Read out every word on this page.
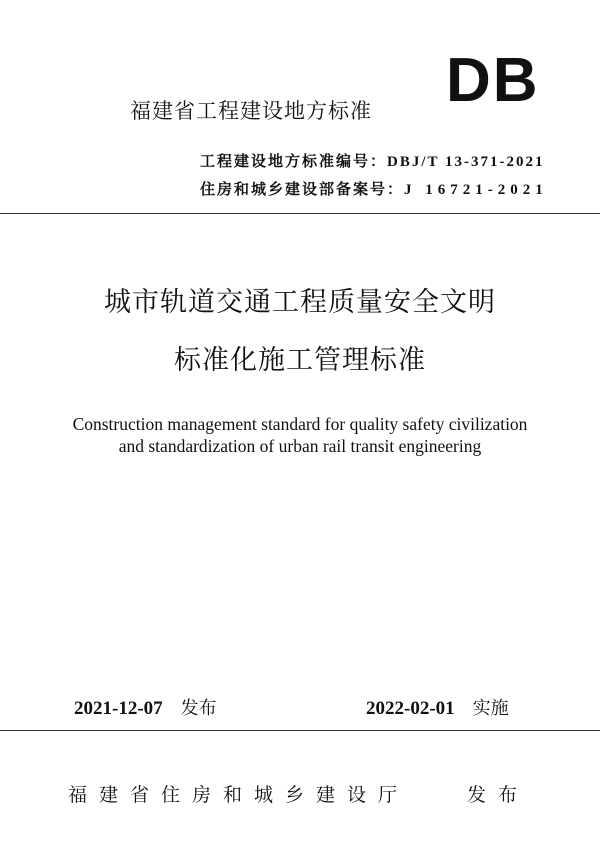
DB
福建省工程建设地方标准
工程建设地方标准编号：DBJ/T 13-371-2021
住房和城乡建设部备案号：J 16721-2021
城市轨道交通工程质量安全文明
标准化施工管理标准
Construction management standard for quality safety civilization and standardization of urban rail transit engineering
2021-12-07 发布	2022-02-01 实施
福建省住房和城乡建设厅	发布
